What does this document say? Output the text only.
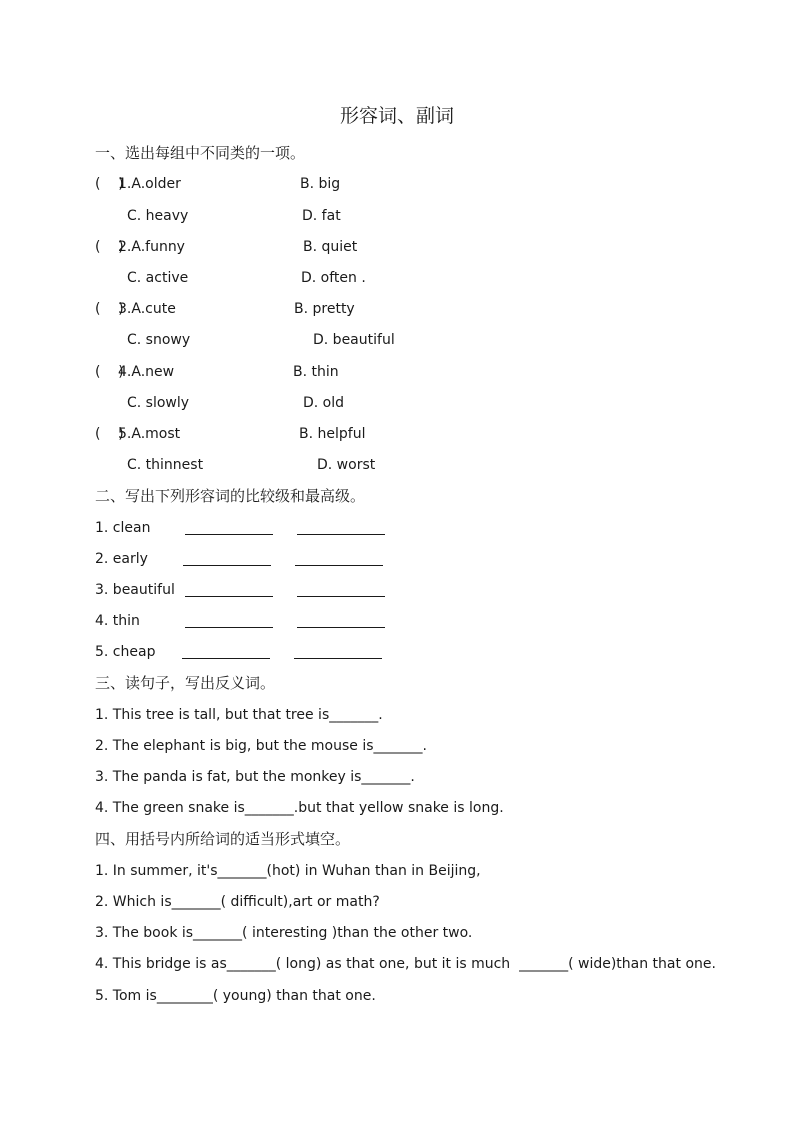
形容词、副词
一、选出每组中不同类的一项。
(    )
1.A.older	B. big
C. heavy	D. fat
(    )
2.A.funny	B. quiet
C. active	D. often .
(    )
3.A.cute	B. pretty
C. snowy	D. beautiful
(    )
4.A.new	B. thin
C. slowly	D. old
(    )
5.A.most	B. helpful
C. thinnest	D. worst
二、写出下列形容词的比较级和最高级。
1. clean
2. early
3. beautiful
4. thin
5. cheap
三、读句子，写出反义词。
1. This tree is tall, but that tree is_______.
2. The elephant is big, but the mouse is_______.
3. The panda is fat, but the monkey is_______.
4. The green snake is_______.but that yellow snake is long.
四、用括号内所给词的适当形式填空。
1. In summer, it's_______(hot) in Wuhan than in Beijing,
2. Which is_______( difficult),art or math?
3. The book is_______( interesting )than the other two.
4. This bridge is as_______( long) as that one, but it is much  _______( wide)than that one.
5. Tom is________( young) than that one.
